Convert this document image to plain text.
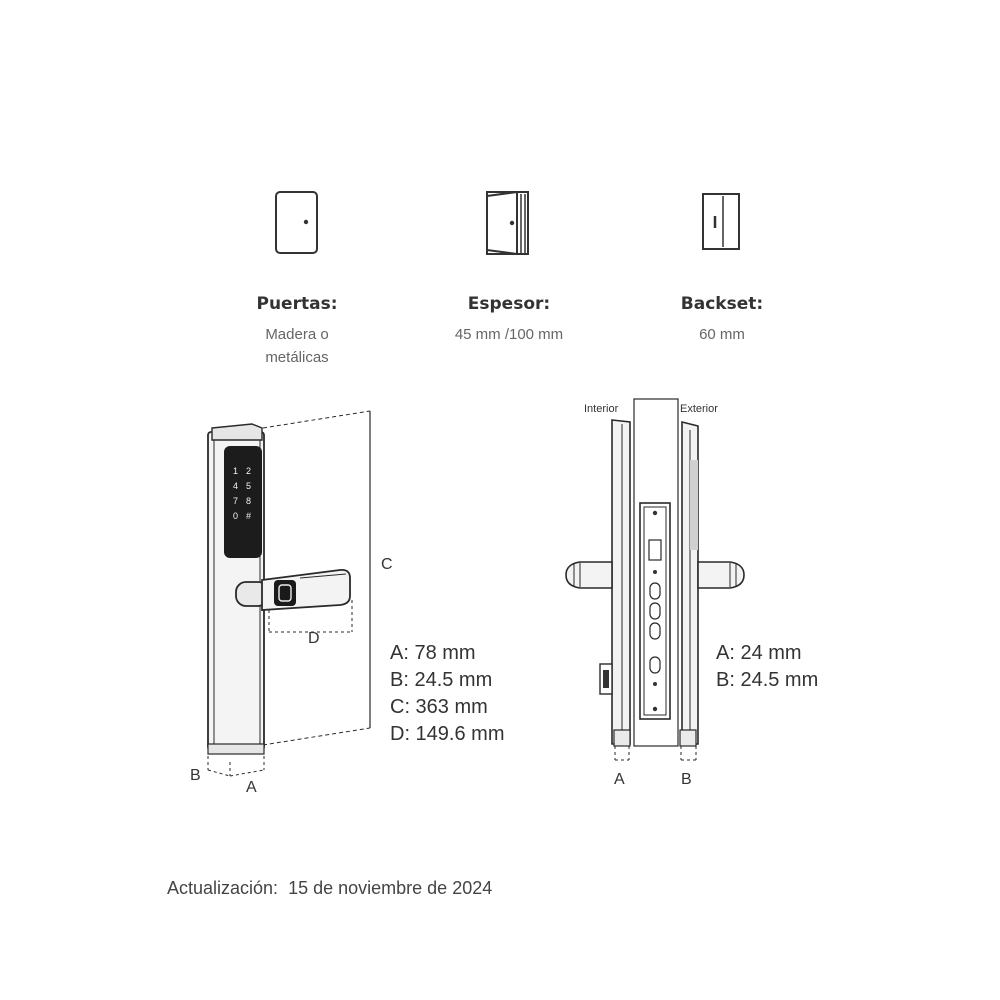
Puertas:
Madera o
metálicas
Espesor:
45 mm /100 mm
Backset:
60 mm
1 2
4 5
7 8
0 #
C
D
B
A
Interior	Exterior
A	B
A: 78 mm
B: 24.5 mm
C: 363 mm
D: 149.6 mm
A: 24 mm
B: 24.5 mm
Actualización: 15 de noviembre de 2024
